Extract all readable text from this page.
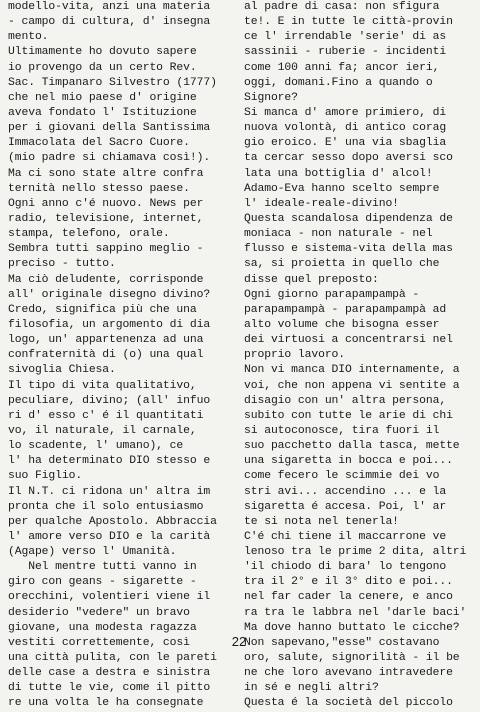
modello-vita, anzi una materia
- campo di cultura, d' insegna
mento.
Ultimamente ho dovuto sapere
io provengo da un certo Rev.
Sac. Timpanaro Silvestro (1777)
che nel mio paese d' origine
aveva fondato l' Istituzione
per i giovani della Santissima
Immacolata del Sacro Cuore.
(mio padre si chiamava così!).
Ma ci sono state altre confra
ternità nello stesso paese.
Ogni anno c'é nuovo. News per
radio, televisione, internet,
stampa, telefono, orale.
Sembra tutti sappino meglio -
preciso - tutto.
Ma ciò deludente, corrisponde
all' originale disegno divino?
Credo, significa più che una
filosofia, un argomento di dia
logo, un' appartenenza ad una
confraternità di (o) una qual
sivoglia Chiesa.
Il tipo di vita qualitativo,
peculiare, divino; (all' infuo
ri d' esso c' é il quantitati
vo, il naturale, il carnale,
lo scadente, l' umano), ce
l' ha determinato DIO stesso e
suo Figlio.
Il N.T. ci ridona un' altra im
pronta che il solo entusiasmo
per qualche Apostolo. Abbraccia
l' amore verso DIO e la carità
(Agape) verso l' Umanità.
Nel mentre tutti vanno in
giro con geans - sigarette -
orecchini, volentieri viene il
desiderio "vedere" un bravo
giovane, una modesta ragazza
vestiti correttemente, così
una città pulita, con le pareti
delle case a destra e sinistra
di tutte le vie, come il pitto
re una volta le ha consegnate
al padre di casa: non sfigura
te!. E in tutte le città-provin
ce l' irrendable 'serie' di as
sassinii - ruberie - incidenti
come 100 anni fa; ancor ieri,
oggi, domani.Fino a quando o
Signore?
Si manca d' amore primiero, di
nuova volontà, di antico corag
gio eroico. E' una via sbaglia
ta cercar sesso dopo aversi sco
lata una bottiglia d' alcol!
Adamo-Eva hanno scelto sempre
l' ideale-reale-divino!
Questa scandalosa dipendenza de
moniaca - non naturale - nel
flusso e sistema-vita della mas
sa, si proietta in quello che
disse quel preposto:
Ogni giorno parapampampà -
parapampampà - parapampampà ad
alto volume che bisogna esser
dei virtuosi a concentrarsi nel
proprio lavoro.
Non vi manca DIO internamente, a
voi, che non appena vi sentite a
disagio con un' altra persona,
subito con tutte le arie di chi
si autoconosce, tira fuori il
suo pacchetto dalla tasca, mette
una sigaretta in bocca e poi...
come fecero le scimmie dei vo
stri avi... accendino ... e la
sigaretta é accesa. Poi, l' ar
te si nota nel tenerla!
C'é chi tiene il maccarrone ve
lenoso tra le prime 2 dita, altri
'il chiodo di bara' lo tengono
tra il 2° e il 3° dito e poi...
nel far cader la cenere, e anco
ra tra le labbra nel 'darle baci'
Ma dove hanno buttato le cicche?
Non sapevano,"esse" costavano
oro, salute, signorilità - il be
ne che loro avevano intravedere
in sé e negli altri?
Questa é la società del piccolo
22
